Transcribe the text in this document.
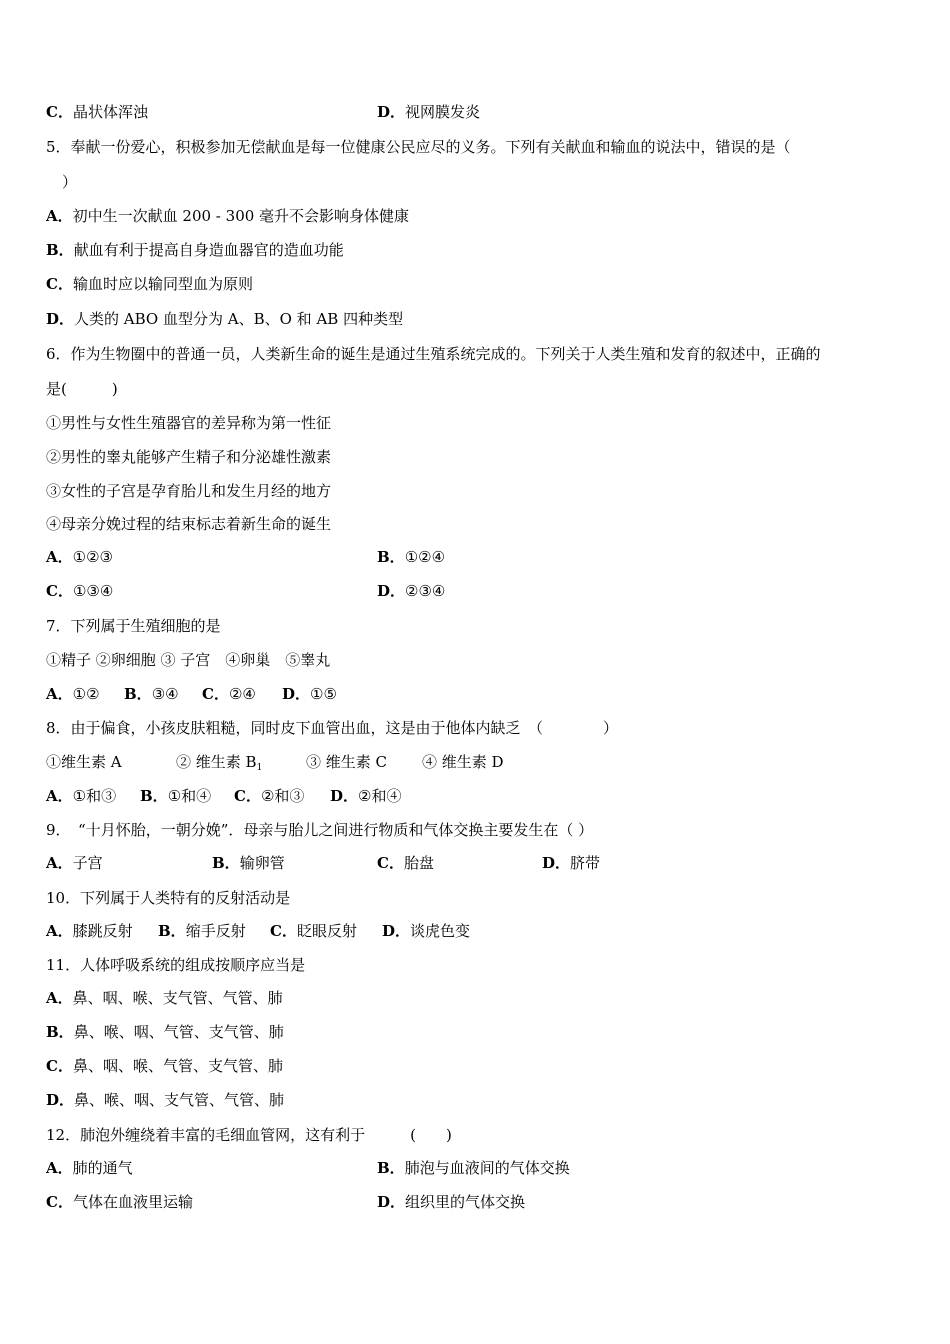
C．晶状体浑浊	D．视网膜发炎
5．奉献一份爱心，积极参加无偿献血是每一位健康公民应尽的义务。下列有关献血和输血的说法中，错误的是（
）
A．初中生一次献血 200 - 300 毫升不会影响身体健康
B．献血有利于提高自身造血器官的造血功能
C．输血时应以输同型血为原则
D．人类的 ABO 血型分为 A、B、O 和 AB 四种类型
6．作为生物圈中的普通一员，人类新生命的诞生是通过生殖系统完成的。下列关于人类生殖和发育的叙述中，正确的
是(　　　)
①男性与女性生殖器官的差异称为第一性征
②男性的睾丸能够产生精子和分泌雄性激素
③女性的子宫是孕育胎儿和发生月经的地方
④母亲分娩过程的结束标志着新生命的诞生
A．①②③	B．①②④
C．①③④	D．②③④
7．下列属于生殖细胞的是
①精子 ②卵细胞 ③ 子宫　④卵巢　⑤睾丸
A．①② B．③④ C．②④ D．①⑤
8．由于偏食，小孩皮肤粗糙，同时皮下血管出血，这是由于他体内缺乏　（　　　　）
①维生素 A	② 维生素 $B_1$	③ 维生素 C ④ 维生素 D
A．①和③ B．①和④ C．②和③ D．②和④
9．　“十月怀胎，一朝分娩”．母亲与胎儿之间进行物质和气体交换主要发生在（ ）
A．子宫	B．输卵管	C．胎盘	D．脐带
10．下列属于人类特有的反射活动是
A．膝跳反射 B．缩手反射 C．眨眼反射 D．谈虎色变
11．人体呼吸系统的组成按顺序应当是
A．鼻、咽、喉、支气管、气管、肺
B．鼻、喉、咽、气管、支气管、肺
C．鼻、咽、喉、气管、支气管、肺
D．鼻、喉、咽、支气管、气管、肺
12．肺泡外缠绕着丰富的毛细血管网，这有利于　　　(　　)
A．肺的通气	B．肺泡与血液间的气体交换
C．气体在血液里运输	D．组织里的气体交换
